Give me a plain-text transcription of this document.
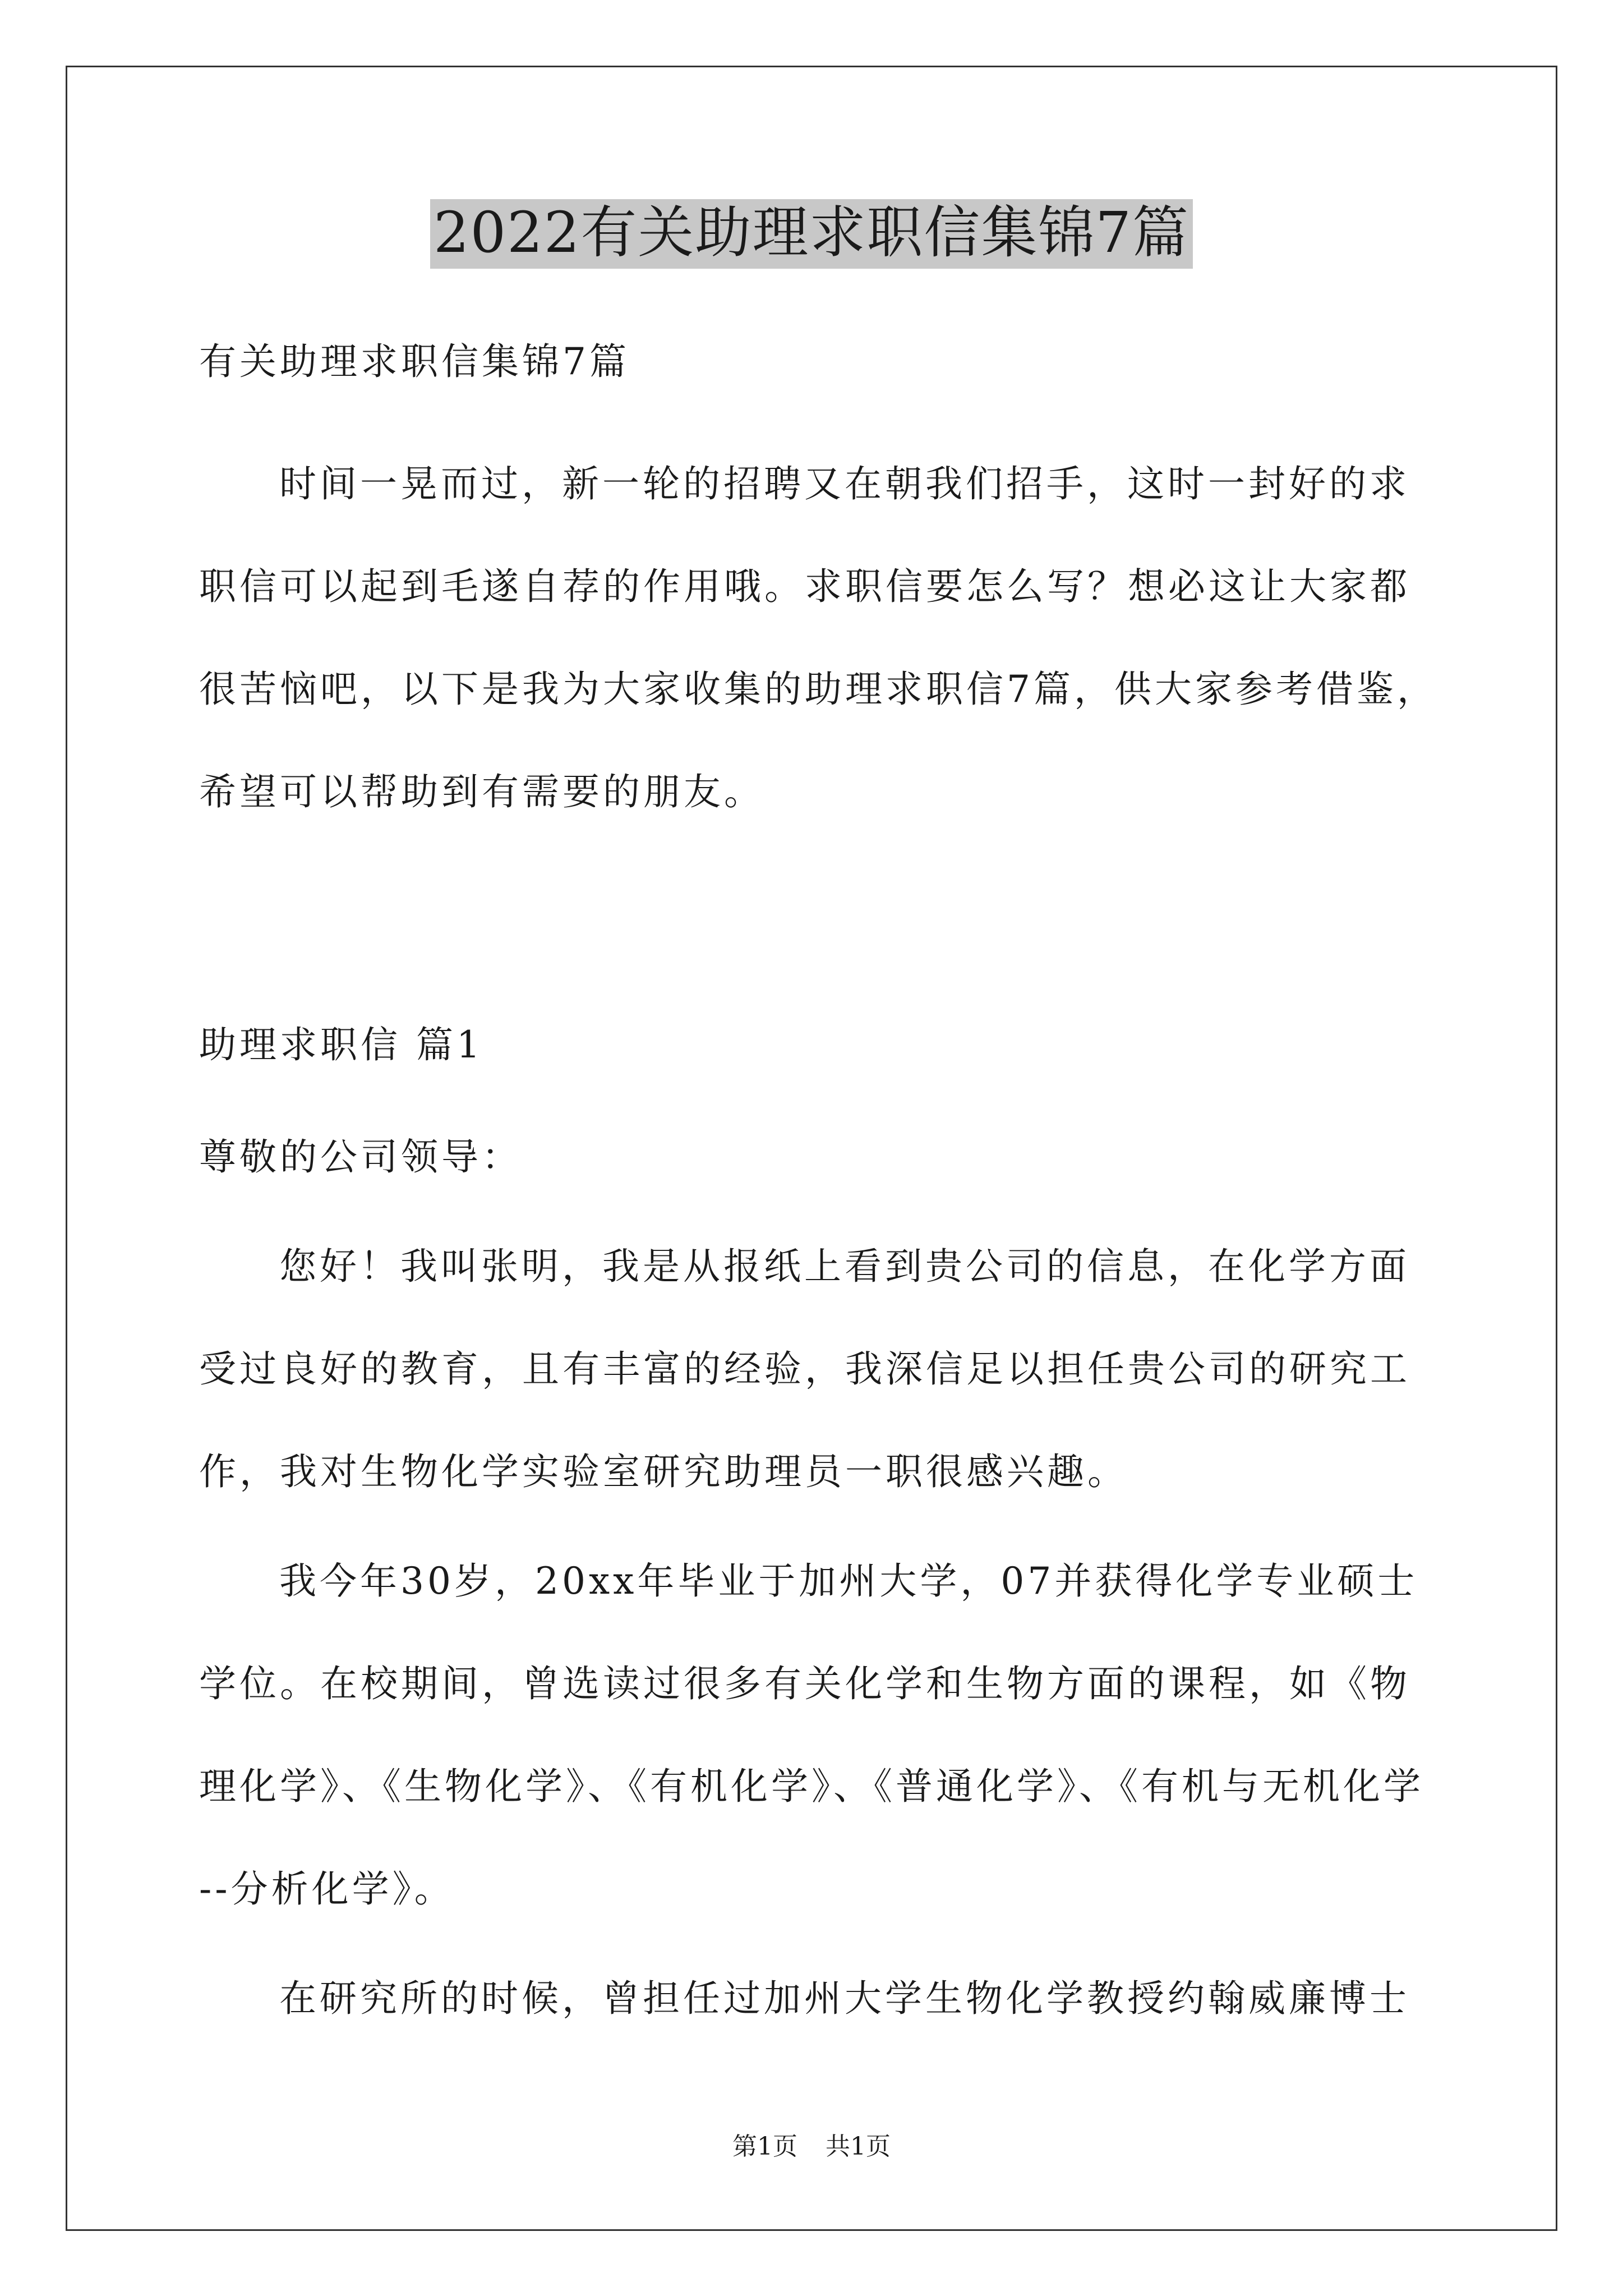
2022有关助理求职信集锦7篇

有关助理求职信集锦7篇

时间一晃而过，新一轮的招聘又在朝我们招手，这时一封好的求

职信可以起到毛遂自荐的作用哦。求职信要怎么写？想必这让大家都

很苦恼吧，以下是我为大家收集的助理求职信7篇，供大家参考借鉴，

希望可以帮助到有需要的朋友。

助理求职信 篇1

尊敬的公司领导：

您好！我叫张明，我是从报纸上看到贵公司的信息，在化学方面

受过良好的教育，且有丰富的经验，我深信足以担任贵公司的研究工

作，我对生物化学实验室研究助理员一职很感兴趣。

我今年30岁，20xx年毕业于加州大学，07并获得化学专业硕士

学位。在校期间，曾选读过很多有关化学和生物方面的课程，如《物

理化学》、《生物化学》、《有机化学》、《普通化学》、《有机与无机化学

--分析化学》。

在研究所的时候，曾担任过加州大学生物化学教授约翰威廉博士

第1页 共1页
